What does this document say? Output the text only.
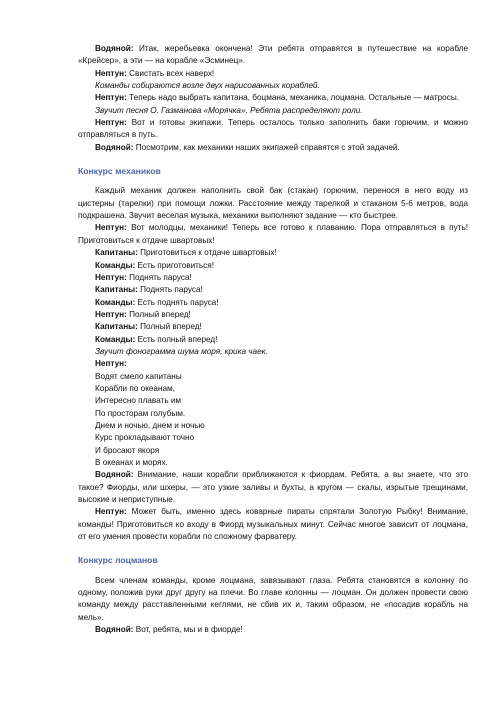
Водяной: Итак, жеребьевка окончена! Эти ребята отправятся в путешествие на корабле «Крейсер», а эти — на корабле «Эсминец».

Нептун: Свистать всех наверх!

Команды собираются возле двух нарисованных кораблей.

Нептун: Теперь надо выбрать капитана, боцмана, механика, лоцмана. Остальные — матросы.

Звучит песня О. Газманова «Морячка». Ребята распределяют роли.

Нептун: Вот и готовы экипажи. Теперь осталось только заполнить баки горючим, и можно отправляться в путь.

Водяной: Посмотрим, как механики наших экипажей справятся с этой задачей.

Конкурс механиков

Каждый механик должен наполнить свой бак (стакан) горючим, перенося в него воду из цистерны (тарелки) при помощи ложки. Расстояние между тарелкой и стаканом 5-6 метров, вода подкрашена. Звучит веселая музыка, механики выполняют задание — кто быстрее.

Нептун: Вот молодцы, механики! Теперь все готово к плаванию. Пора отправляться в путь! Приготовиться к отдаче швартовых!

Капитаны: Приготовиться к отдаче швартовых!

Команды: Есть приготовиться!

Нептун: Поднять паруса!

Капитаны: Поднять паруса!

Команды: Есть поднять паруса!

Нептун: Полный вперед!

Капитаны: Полный вперед!

Команды: Есть полный вперед!

Звучит фонограмма шума моря, крика чаек.

Нептун:

Водят смело капитаны

Корабли по океанам,

Интересно плавать им

По просторам голубым.

Днем и ночью, днем и ночью

Курс прокладывают точно

И бросают якоря

В океанах и морях.

Водяной: Внимание, наши корабли приближаются к фиордам. Ребята, а вы знаете, что это такое? Фиорды, или шхеры, — это узкие заливы и бухты, а кругом — скалы, изрытые трещинами, высокие и неприступные.

Нептун: Может быть, именно здесь коварные пираты спрятали Золотую Рыбку! Внимание, команды! Приготовиться ко входу в Фиорд музыкальных минут. Сейчас многое зависит от лоцмана, от его умения провести корабли по сложному фарватеру.

Конкурс лоцманов

Всем членам команды, кроме лоцмана, завязывают глаза. Ребята становятся в колонну по одному, положив руки друг другу на плечи. Во главе колонны — лоцман. Он должен провести свою команду между расставленными кеглями, не сбив их и, таким образом, не «посадив корабль на мель».

Водяной: Вот, ребята, мы и в фиорде!
